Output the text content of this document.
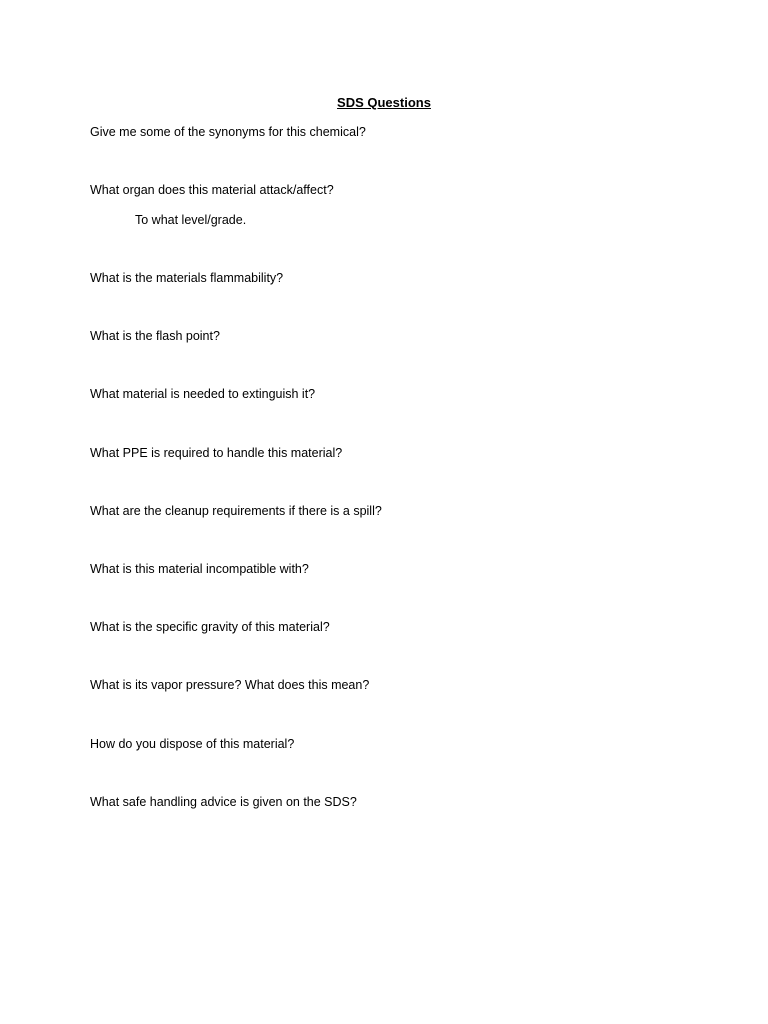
SDS Questions
Give me some of the synonyms for this chemical?
What organ does this material attack/affect?
To what level/grade.
What is the materials flammability?
What is the flash point?
What material is needed to extinguish it?
What PPE is required to handle this material?
What are the cleanup requirements if there is a spill?
What is this material incompatible with?
What is the specific gravity of this material?
What is its vapor pressure? What does this mean?
How do you dispose of this material?
What safe handling advice is given on the SDS?
